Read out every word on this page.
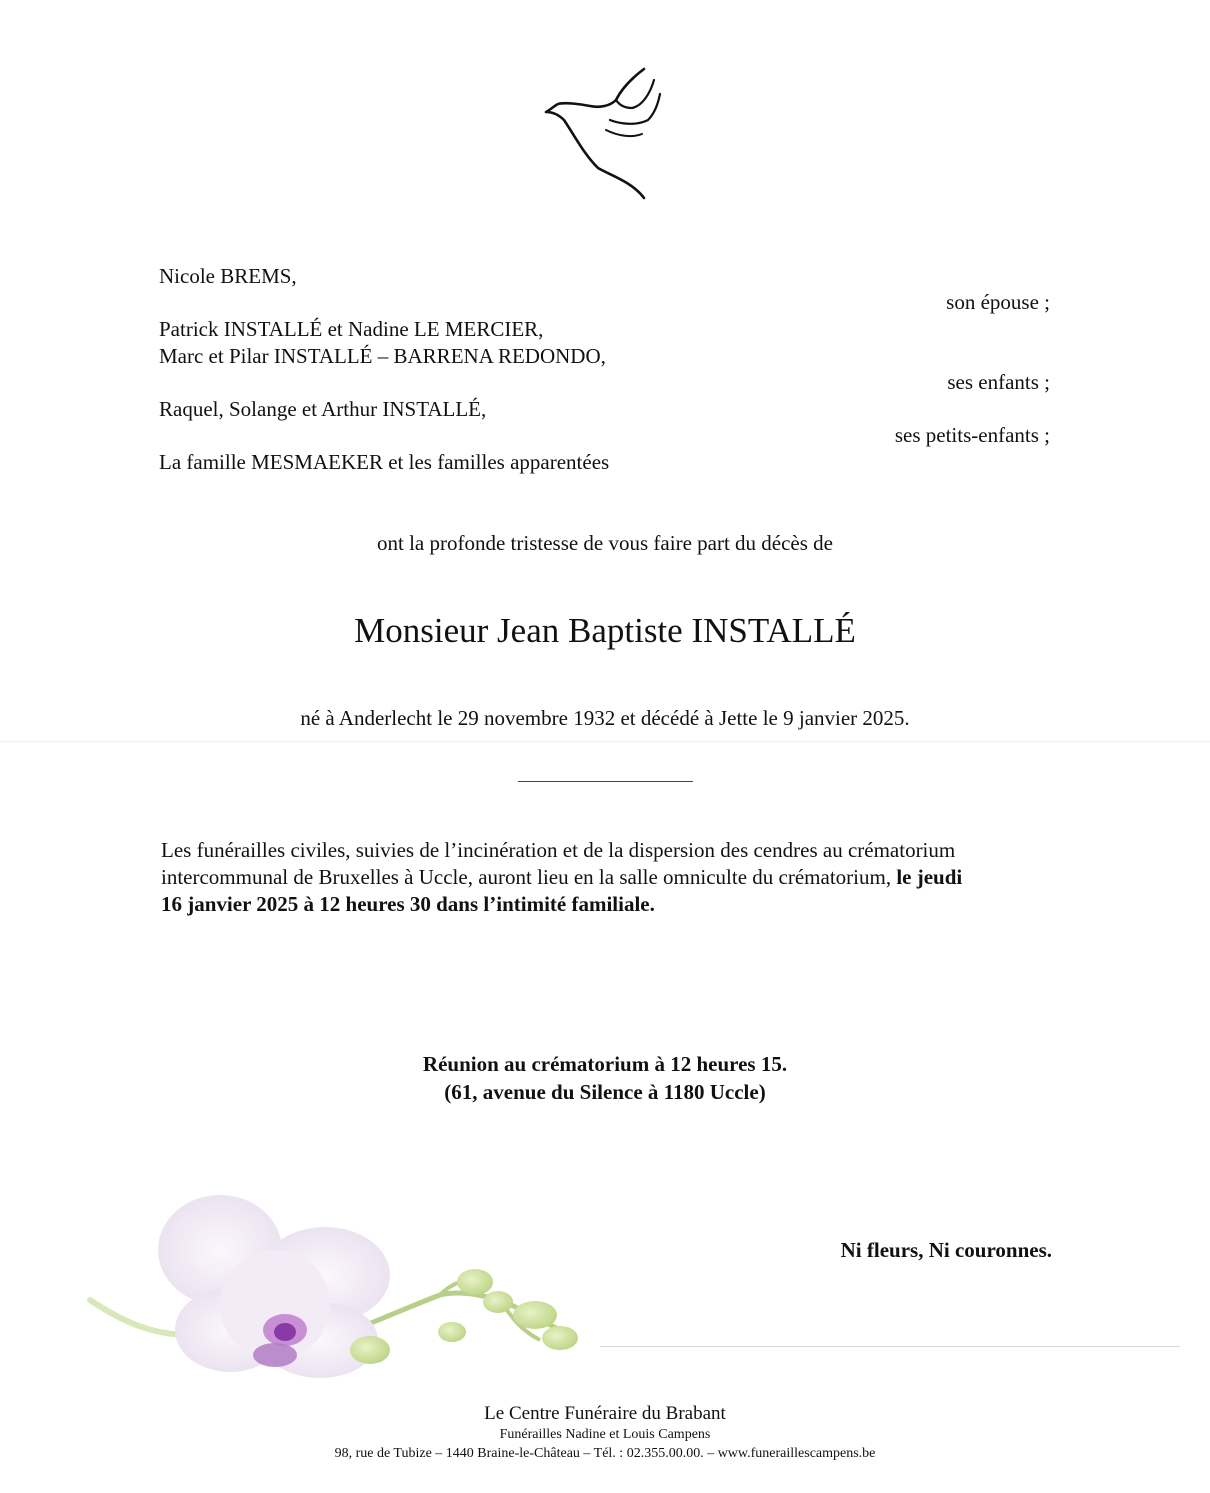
Nicole BREMS,
son épouse ;
Patrick INSTALLÉ et Nadine LE MERCIER,
Marc et Pilar INSTALLÉ – BARRENA REDONDO,
ses enfants ;
Raquel, Solange et Arthur INSTALLÉ,
ses petits-enfants ;
La famille MESMAEKER et les familles apparentées
ont la profonde tristesse de vous faire part du décès de
Monsieur Jean Baptiste INSTALLÉ
né à Anderlecht le 29 novembre 1932 et décédé à Jette le 9 janvier 2025.
Les funérailles civiles, suivies de l’incinération et de la dispersion des cendres au crématorium
intercommunal de Bruxelles à Uccle, auront lieu en la salle omniculte du crématorium, le jeudi
16 janvier 2025 à 12 heures 30 dans l’intimité familiale.
Réunion au crématorium à 12 heures 15.
(61, avenue du Silence à 1180 Uccle)
Ni fleurs, Ni couronnes.
Le Centre Funéraire du Brabant
Funérailles Nadine et Louis Campens
98, rue de Tubize – 1440 Braine-le-Château – Tél. : 02.355.00.00. – www.funeraillescampens.be
